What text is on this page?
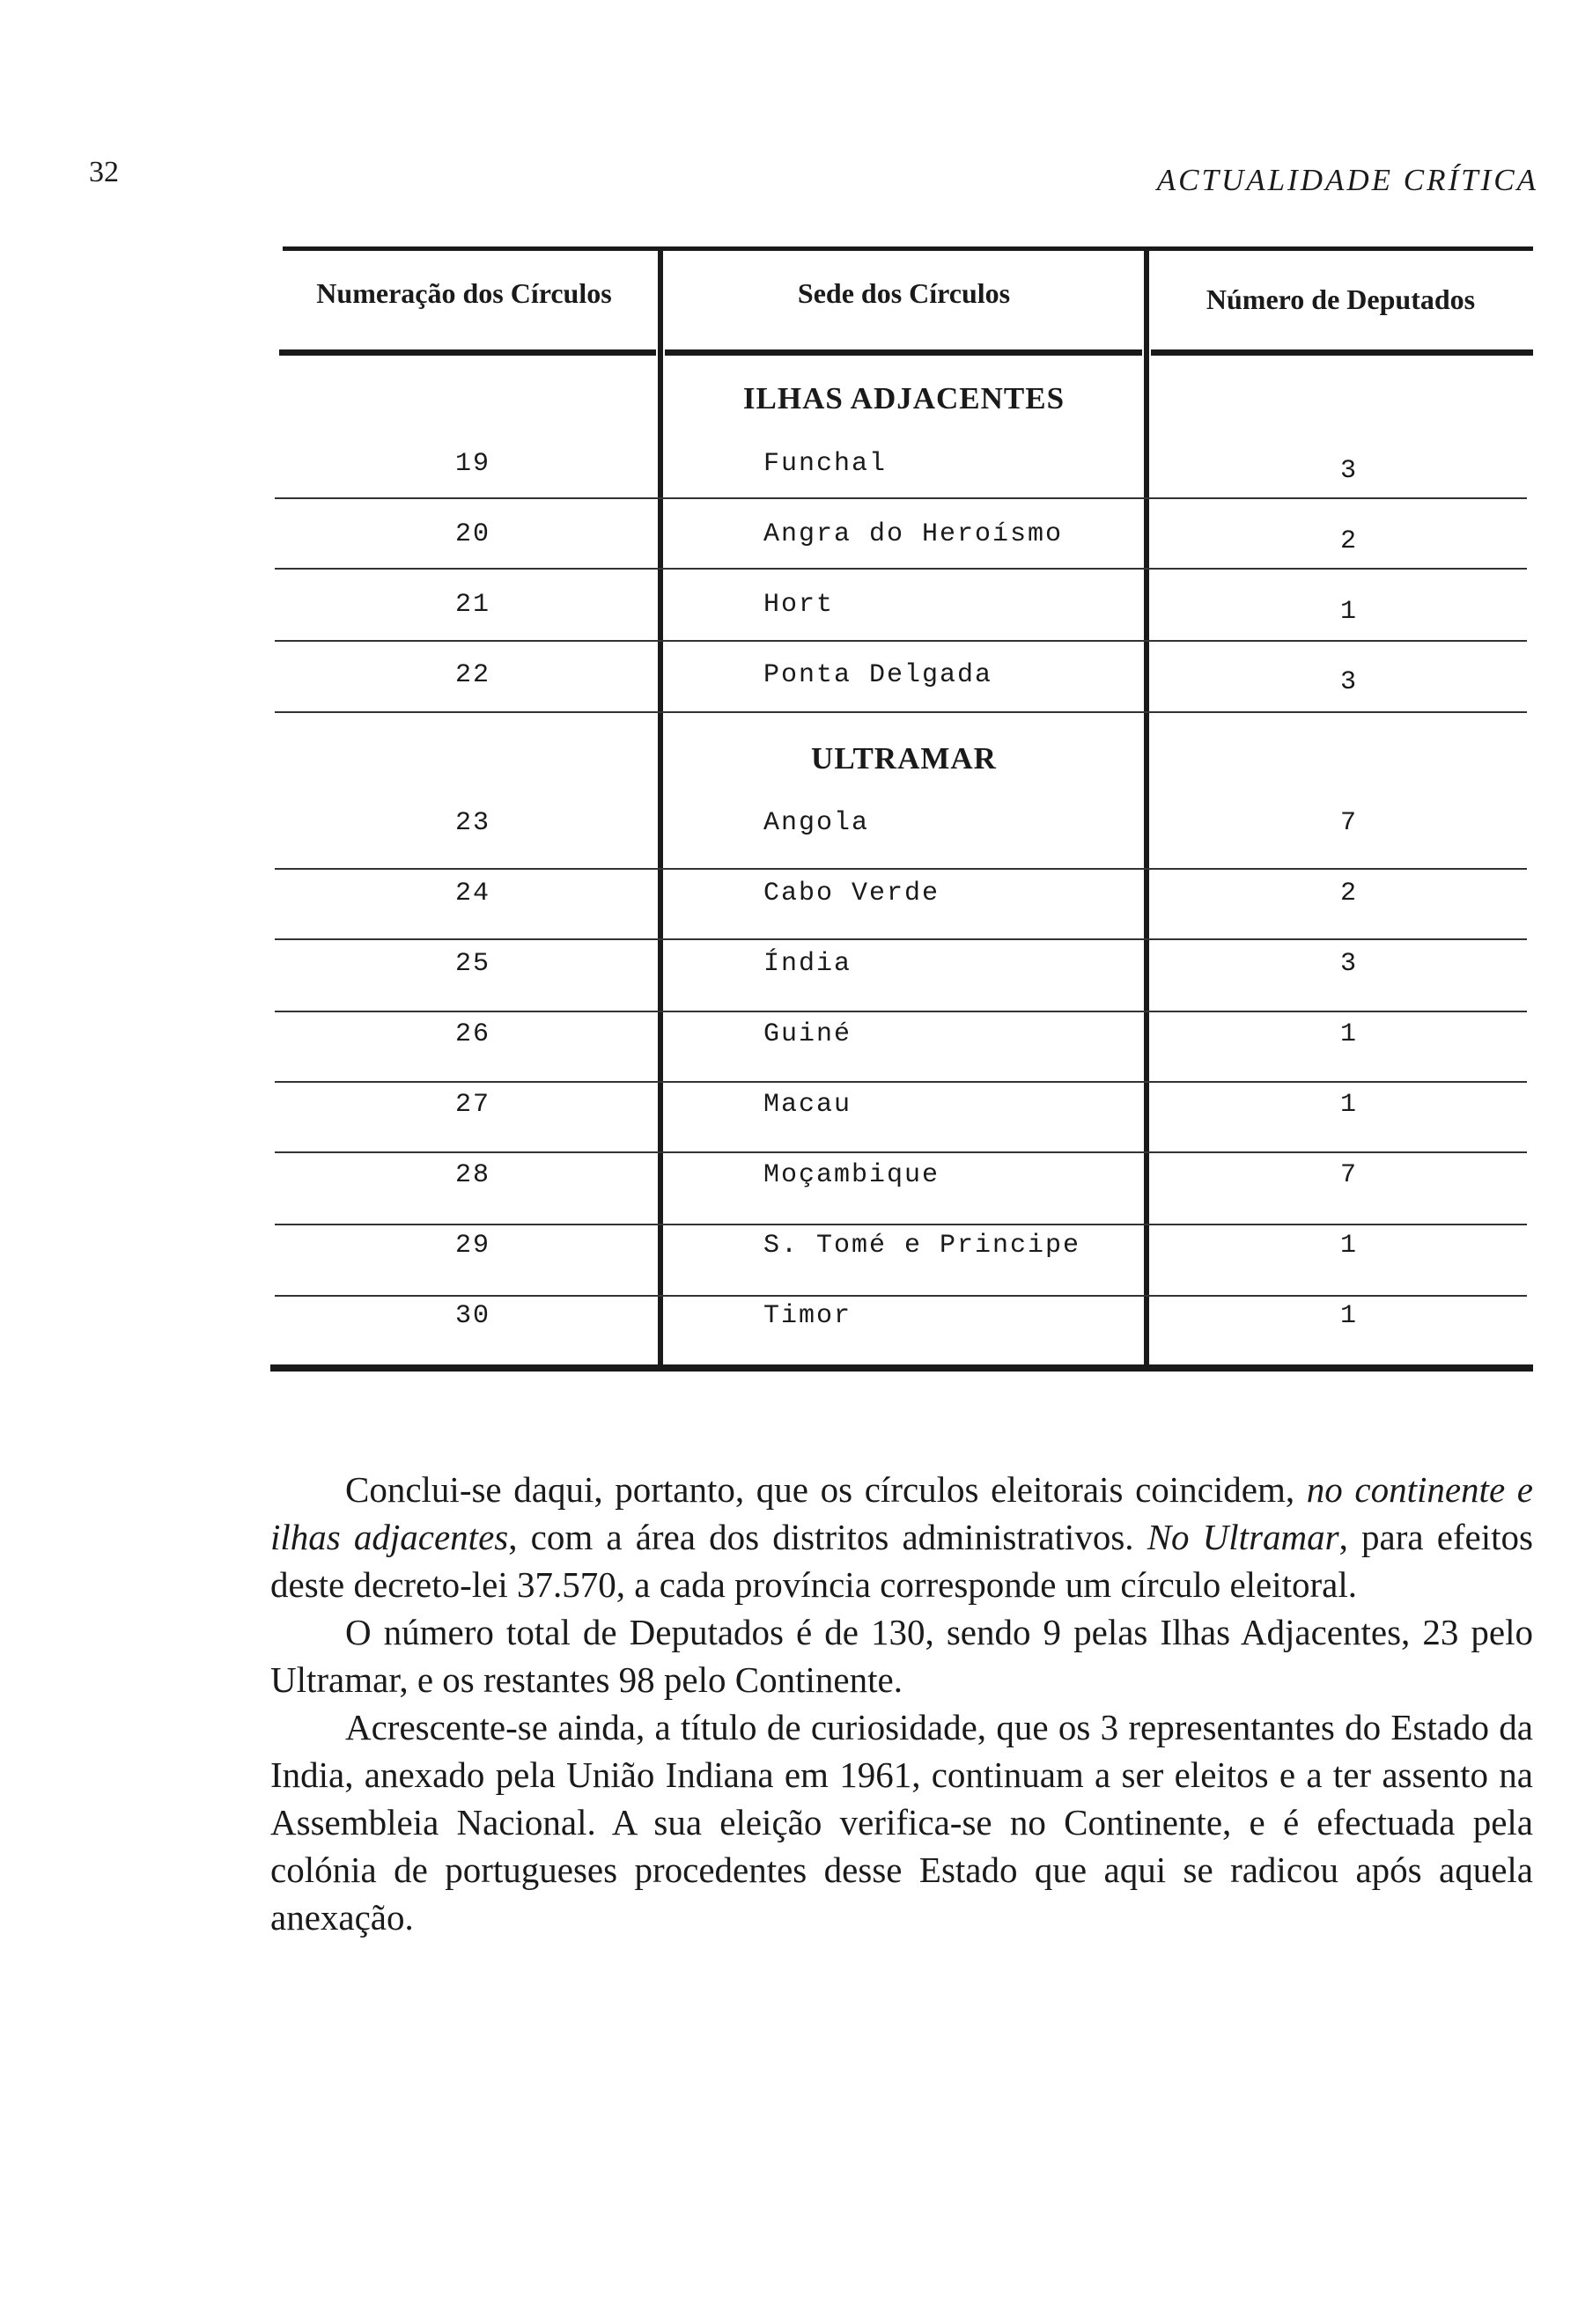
32	ACTUALIDADE CRÍTICA
Numeração dos Círculos	Sede dos Círculos	Número de Deputados
ILHAS ADJACENTES
19	Funchal	3
20	Angra do Heroísmo	2
21	Hort	1
22	Ponta Delgada	3
ULTRAMAR
23	Angola	7
24	Cabo Verde	2
25	Índia	3
26	Guiné	1
27	Macau	1
28	Moçambique	7
29	S. Tomé e Principe	1
30	Timor	1

Conclui-se daqui, portanto, que os círculos eleitorais coincidem, no continente e ilhas adjacentes, com a área dos distritos administrativos. No Ultramar, para efeitos deste decreto-lei 37.570, a cada província corresponde um círculo eleitoral.

O número total de Deputados é de 130, sendo 9 pelas Ilhas Adjacentes, 23 pelo Ultramar, e os restantes 98 pelo Continente.

Acrescente-se ainda, a título de curiosidade, que os 3 representantes do Estado da India, anexado pela União Indiana em 1961, continuam a ser eleitos e a ter assento na Assembleia Nacional. A sua eleição verifica-se no Continente, e é efectuada pela colónia de portugueses procedentes desse Estado que aqui se radicou após aquela anexação.
